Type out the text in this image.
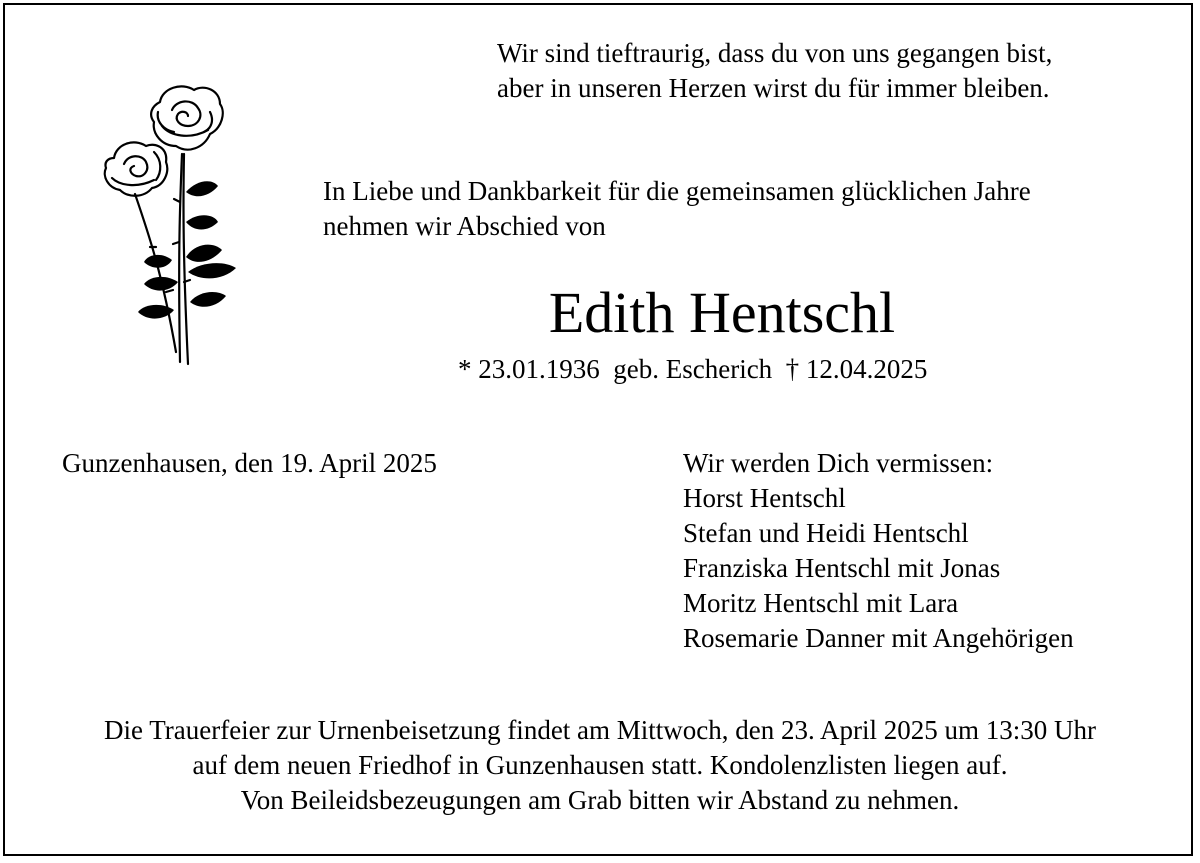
Wir sind tieftraurig, dass du von uns gegangen bist,
aber in unseren Herzen wirst du für immer bleiben.
In Liebe und Dankbarkeit für die gemeinsamen glücklichen Jahre
nehmen wir Abschied von
Edith Hentschl
* 23.01.1936  geb. Escherich  † 12.04.2025
Gunzenhausen, den 19. April 2025	Wir werden Dich vermissen:
Horst Hentschl
Stefan und Heidi Hentschl
Franziska Hentschl mit Jonas
Moritz Hentschl mit Lara
Rosemarie Danner mit Angehörigen
Die Trauerfeier zur Urnenbeisetzung findet am Mittwoch, den 23. April 2025 um 13:30 Uhr
auf dem neuen Friedhof in Gunzenhausen statt. Kondolenzlisten liegen auf.
Von Beileidsbezeugungen am Grab bitten wir Abstand zu nehmen.
